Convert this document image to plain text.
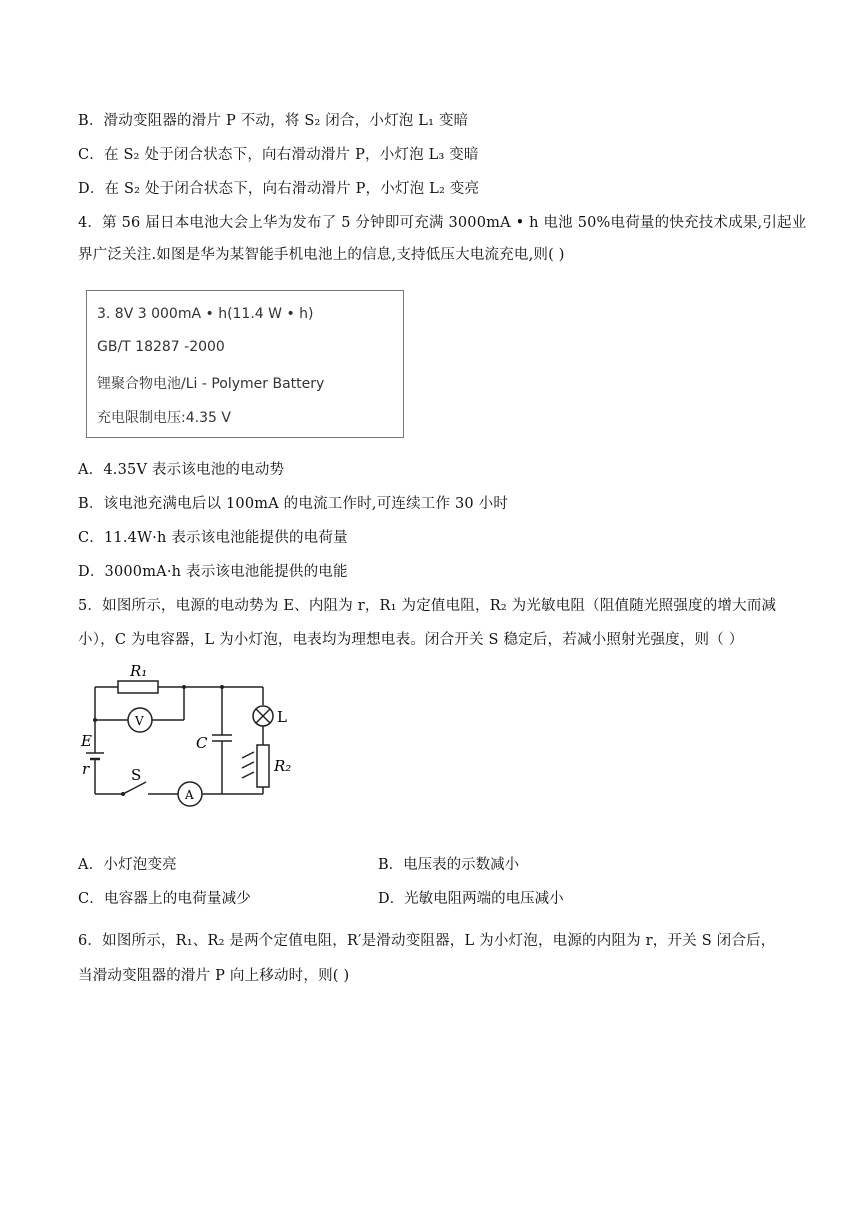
B．滑动变阻器的滑片 P 不动，将 S₂ 闭合，小灯泡 L₁ 变暗
C．在 S₂ 处于闭合状态下，向右滑动滑片 P，小灯泡 L₃ 变暗
D．在 S₂ 处于闭合状态下，向右滑动滑片 P，小灯泡 L₂ 变亮
4．第 56 届日本电池大会上华为发布了 5 分钟即可充满 3000mA • h 电池 50%电荷量的快充技术成果,引起业
界广泛关注.如图是华为某智能手机电池上的信息,支持低压大电流充电,则( )
3. 8V 3 000mA • h(11.4 W • h)
GB/T 18287 -2000
锂聚合物电池/Li - Polymer Battery
充电限制电压:4.35 V
A．4.35V 表示该电池的电动势
B．该电池充满电后以 100mA 的电流工作时,可连续工作 30 小时
C．11.4W·h 表示该电池能提供的电荷量
D．3000mA·h 表示该电池能提供的电能
5．如图所示，电源的电动势为 E、内阻为 r，R₁ 为定值电阻，R₂ 为光敏电阻（阻值随光照强度的增大而减
小），C 为电容器，L 为小灯泡，电表均为理想电表。闭合开关 S 稳定后，若减小照射光强度，则（ ）
R₁
V
A
E
r	S
C
L
R₂
A．小灯泡变亮	B．电压表的示数减小
C．电容器上的电荷量减少	D．光敏电阻两端的电压减小
6．如图所示，R₁、R₂ 是两个定值电阻，R′是滑动变阻器，L 为小灯泡，电源的内阻为 r，开关 S 闭合后，
当滑动变阻器的滑片 P 向上移动时，则( )
